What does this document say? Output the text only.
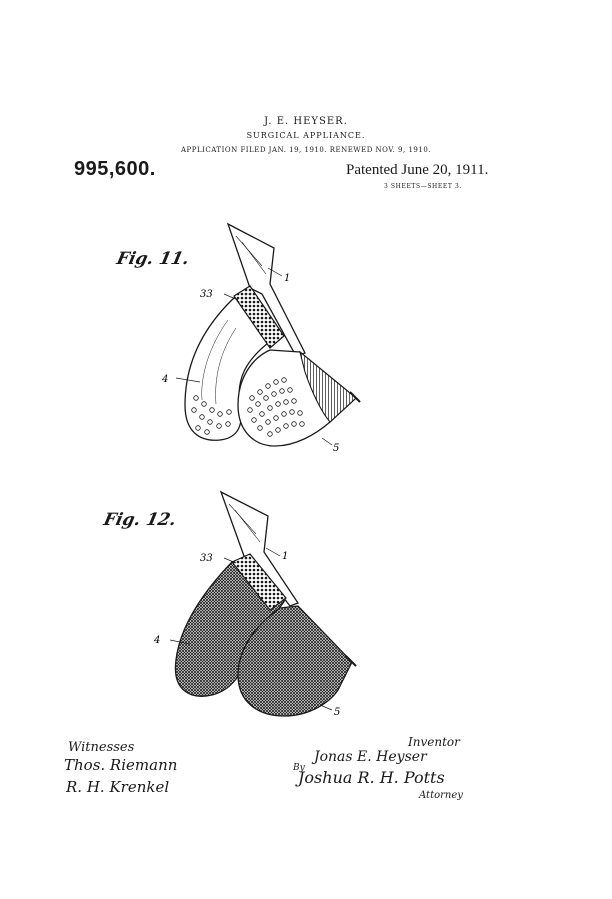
J. E. HEYSER.
SURGICAL APPLIANCE.
APPLICATION FILED JAN. 19, 1910. RENEWED NOV. 9, 1910.
995,600.	Patented June 20, 1911.
3 SHEETS—SHEET 3.
33
1
4
5
33	1
4
5
Fig. 11.
Fig. 12.
Witnesses
Thos. Riemann
R. H. Krenkel
Inventor
Jonas E. Heyser
By
Joshua R. H. Potts
Attorney
